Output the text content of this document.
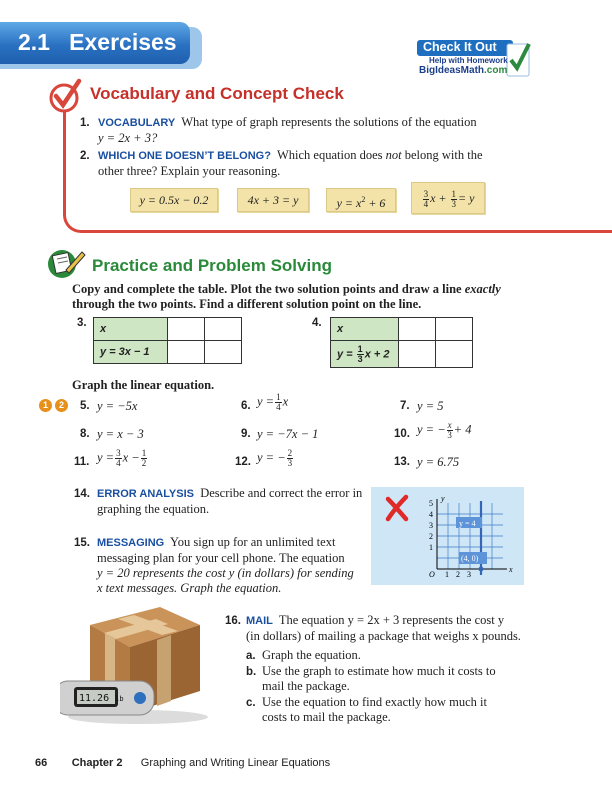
2.1 Exercises	Check It Out
Help with Homework
BigIdeasMath.com
Vocabulary and Concept Check
1. VOCABULARY What type of graph represents the solutions of the equation
y = 2x + 3?
2. WHICH ONE DOESN’T BELONG? Which equation does not belong with the
other three? Explain your reasoning.
y = 0.5x − 0.2	4x + 3 = y	$y = x^2 + 6$	$\frac{3}{4}$ $x + \frac{1}{3} = y$
Practice and Problem Solving
Copy and complete the table. Plot the two solution points and draw a line exactly
through the two points. Find a different solution point on the line.
3. x		
y = 3x − 1		
4. x		
$y = \frac{1}{3}$ x + 2		
Graph the linear equation.
1	2	5. y = −5x	6. $y = \frac{1}{4}$ x	7. y = 5
8. y = x − 3	9. y = −7x − 1	10. y = − $\frac{x}{3} + 4$
11. $y = \frac{3}{4}$ $x - \frac{1}{2}$	12. y = − $\frac{2}{3}$	13. y = 6.75
14. ERROR ANALYSIS Describe and correct the error in
graphing the equation.
y
x
O
4
3
2
1
5
1 2 3
y = 4
(4, 0)
15. MESSAGING You sign up for an unlimited text
messaging plan for your cell phone. The equation
y = 20 represents the cost y (in dollars) for sending
x text messages. Graph the equation.
11.26 lb
16. MAIL The equation y = 2x + 3 represents the cost y
(in dollars) of mailing a package that weighs x pounds.
a. Graph the equation.
b. Use the graph to estimate how much it costs to
mail the package.
c. Use the equation to find exactly how much it
costs to mail the package.
66 Chapter 2 Graphing and Writing Linear Equations
